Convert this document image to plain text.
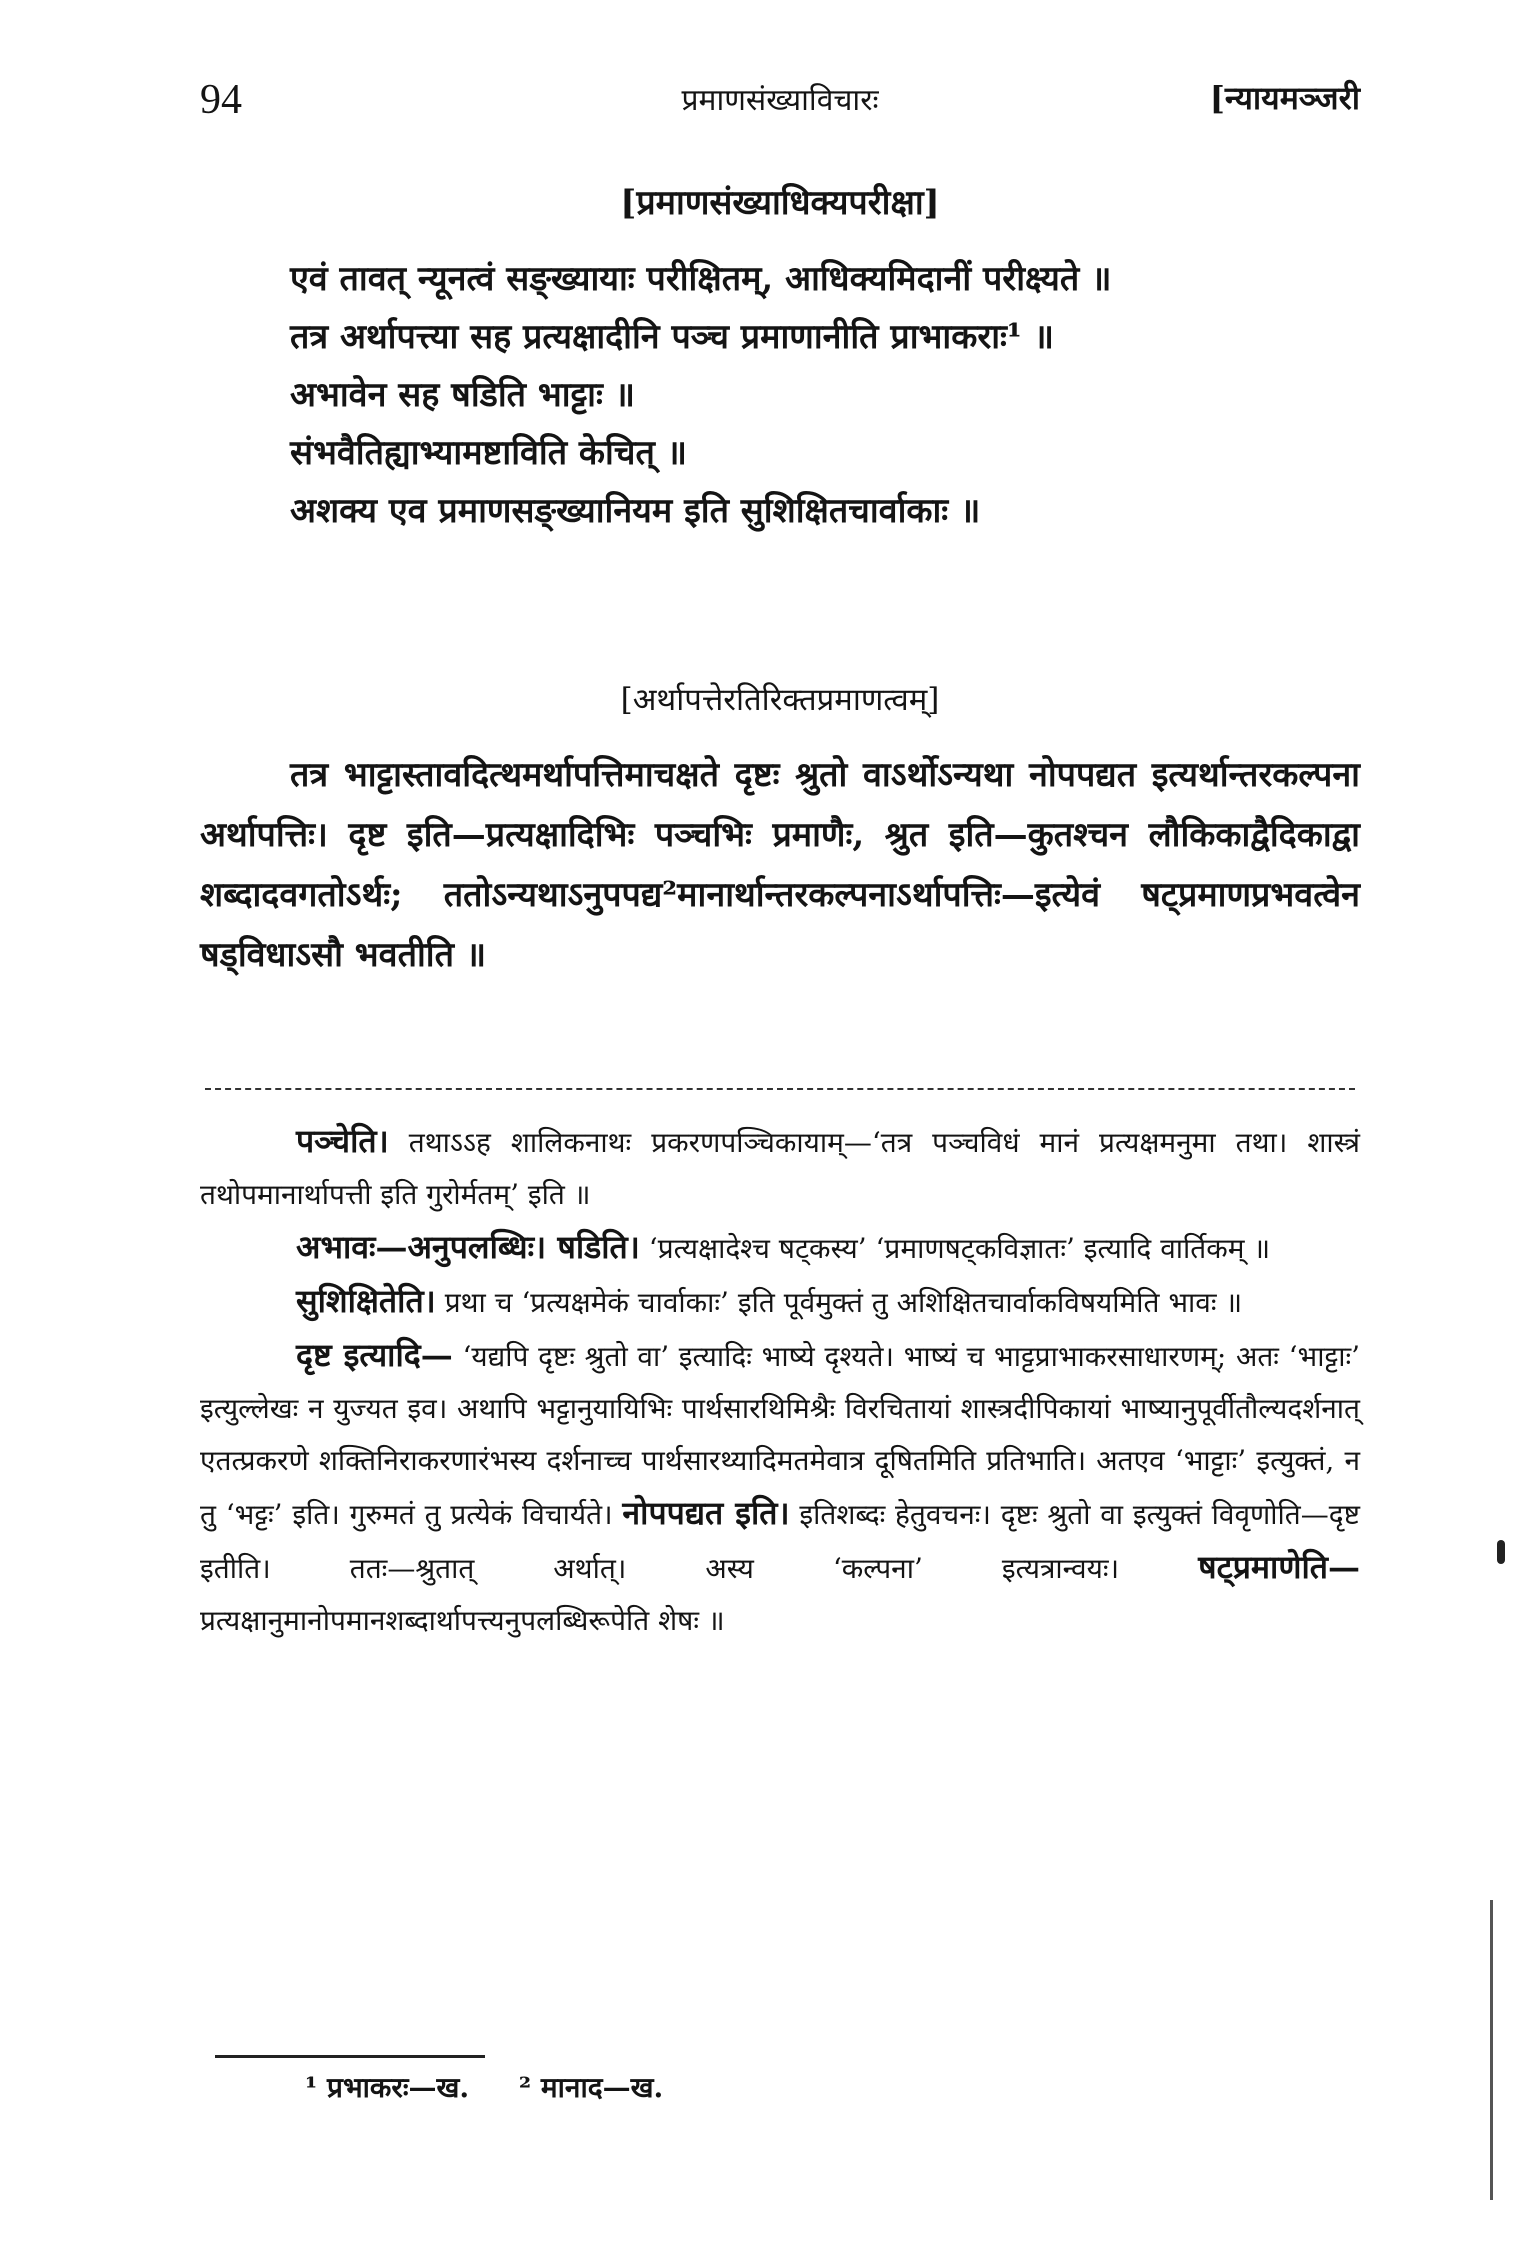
94	प्रमाणसंख्याविचारः	[न्यायमञ्जरी
[प्रमाणसंख्याधिक्यपरीक्षा]

एवं तावत् न्यूनत्वं सङ्ख्यायाः परीक्षितम्, आधिक्यमिदानीं परीक्ष्यते ॥

तत्र अर्थापत्त्या सह प्रत्यक्षादीनि पञ्च प्रमाणानीति प्राभाकराः¹ ॥
अभावेन सह षडिति भाट्टाः ॥
संभवैतिह्याभ्यामष्टाविति केचित् ॥
अशक्य एव प्रमाणसङ्ख्यानियम इति सुशिक्षितचार्वाकाः ॥
[अर्थापत्तेरतिरिक्तप्रमाणत्वम्]

तत्र भाट्टास्तावदित्थमर्थापत्तिमाचक्षते दृष्टः श्रुतो वाऽर्थोऽन्यथा नोपपद्यत इत्यर्थान्तरकल्पना अर्थापत्तिः। दृष्ट इति—प्रत्यक्षादिभिः पञ्चभिः प्रमाणैः, श्रुत इति—कुतश्चन लौकिकाद्वैदिकाद्वा शब्दादवगतोऽर्थः; ततोऽन्यथाऽनुपपद्य²मानार्थान्तरकल्पनाऽर्थापत्तिः—इत्येवं षट्प्रमाणप्रभवत्वेन षड्विधाऽसौ भवतीति ॥

पञ्चेति। तथाऽऽह शालिकनाथः प्रकरणपञ्चिकायाम्—‘तत्र पञ्चविधं मानं प्रत्यक्षमनुमा तथा। शास्त्रं तथोपमानार्थापत्ती इति गुरोर्मतम्’ इति ॥

अभावः—अनुपलब्धिः। षडिति। ‘प्रत्यक्षादेश्च षट्कस्य’ ‘प्रमाणषट्कविज्ञातः’ इत्यादि वार्तिकम् ॥

सुशिक्षितेति। प्रथा च ‘प्रत्यक्षमेकं चार्वाकाः’ इति पूर्वमुक्तं तु अशिक्षितचार्वाकविषयमिति भावः ॥

दृष्ट इत्यादि— ‘यद्यपि दृष्टः श्रुतो वा’ इत्यादिः भाष्ये दृश्यते। भाष्यं च भाट्टप्राभाकरसाधारणम्; अतः ‘भाट्टाः’ इत्युल्लेखः न युज्यत इव। अथापि भट्टानुयायिभिः पार्थसारथिमिश्रैः विरचितायां शास्त्रदीपिकायां भाष्यानुपूर्वीतौल्यदर्शनात् एतत्प्रकरणे शक्तिनिराकरणारंभस्य दर्शनाच्च पार्थसारथ्यादिमतमेवात्र दूषितमिति प्रतिभाति। अतएव ‘भाट्टाः’ इत्युक्तं, न तु ‘भट्टः’ इति। गुरुमतं तु प्रत्येकं विचार्यते। नोपपद्यत इति। इतिशब्दः हेतुवचनः। दृष्टः श्रुतो वा इत्युक्तं विवृणोति—दृष्ट इतीति। ततः—श्रुतात् अर्थात्। अस्य ‘कल्पना’ इत्यत्रान्वयः। षट्प्रमाणेति— प्रत्यक्षानुमानोपमानशब्दार्थापत्त्यनुपलब्धिरूपेति शेषः ॥

¹ प्रभाकरः—ख. ² मानाद—ख.
